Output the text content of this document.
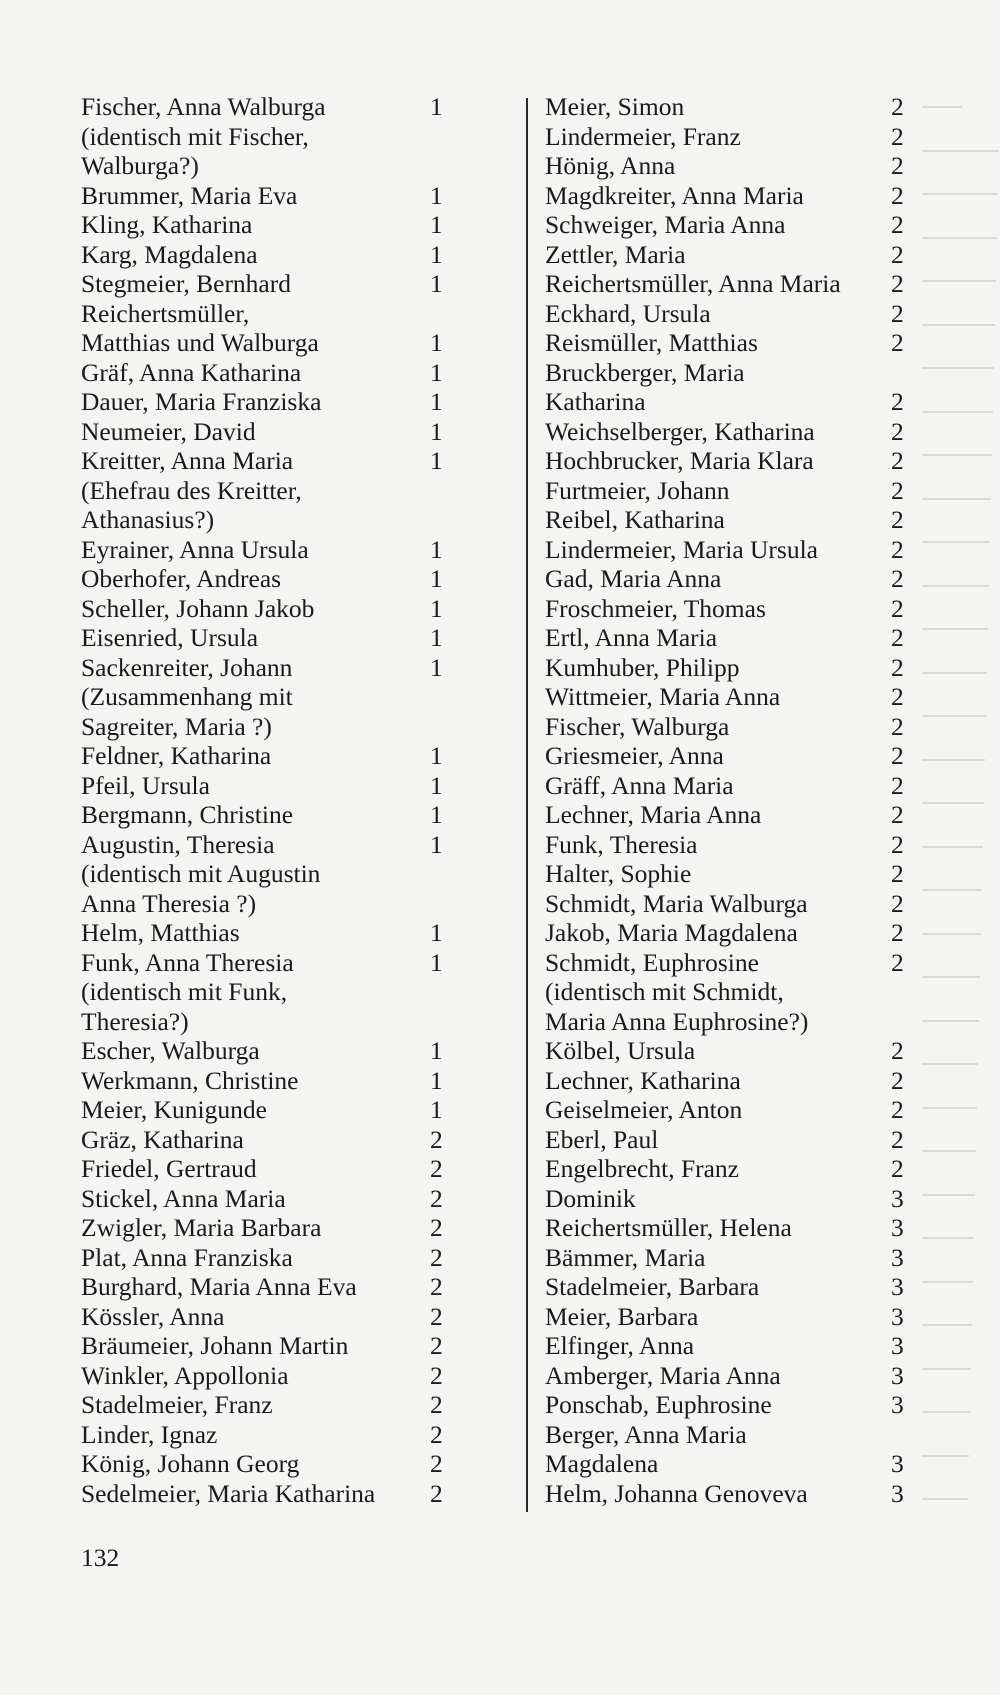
Fischer, Anna Walburga	1
(identisch mit Fischer,
Walburga?)
Brummer, Maria Eva	1
Kling, Katharina	1
Karg, Magdalena	1
Stegmeier, Bernhard	1
Reichertsmüller,
Matthias und Walburga	1
Gräf, Anna Katharina	1
Dauer, Maria Franziska	1
Neumeier, David	1
Kreitter, Anna Maria	1
(Ehefrau des Kreitter,
Athanasius?)
Eyrainer, Anna Ursula	1
Oberhofer, Andreas	1
Scheller, Johann Jakob	1
Eisenried, Ursula	1
Sackenreiter, Johann	1
(Zusammenhang mit
Sagreiter, Maria ?)
Feldner, Katharina	1
Pfeil, Ursula	1
Bergmann, Christine	1
Augustin, Theresia	1
(identisch mit Augustin
Anna Theresia ?)
Helm, Matthias	1
Funk, Anna Theresia	1
(identisch mit Funk,
Theresia?)
Escher, Walburga	1
Werkmann, Christine	1
Meier, Kunigunde	1
Gräz, Katharina	2
Friedel, Gertraud	2
Stickel, Anna Maria	2
Zwigler, Maria Barbara	2
Plat, Anna Franziska	2
Burghard, Maria Anna Eva	2
Kössler, Anna	2
Bräumeier, Johann Martin	2
Winkler, Appollonia	2
Stadelmeier, Franz	2
Linder, Ignaz	2
König, Johann Georg	2
Sedelmeier, Maria Katharina 2
Meier, Simon	2
Lindermeier, Franz	2
Hönig, Anna	2
Magdkreiter, Anna Maria	2
Schweiger, Maria Anna	2
Zettler, Maria	2
Reichertsmüller, Anna Maria 2
Eckhard, Ursula	2
Reismüller, Matthias	2
Bruckberger, Maria
Katharina	2
Weichselberger, Katharina	2
Hochbrucker, Maria Klara	2
Furtmeier, Johann	2
Reibel, Katharina	2
Lindermeier, Maria Ursula	2
Gad, Maria Anna	2
Froschmeier, Thomas	2
Ertl, Anna Maria	2
Kumhuber, Philipp	2
Wittmeier, Maria Anna	2
Fischer, Walburga	2
Griesmeier, Anna	2
Gräff, Anna Maria	2
Lechner, Maria Anna	2
Funk, Theresia	2
Halter, Sophie	2
Schmidt, Maria Walburga	2
Jakob, Maria Magdalena	2
Schmidt, Euphrosine	2
(identisch mit Schmidt,
Maria Anna Euphrosine?)
Kölbel, Ursula	2
Lechner, Katharina	2
Geiselmeier, Anton	2
Eberl, Paul	2
Engelbrecht, Franz	2
Dominik	3
Reichertsmüller, Helena	3
Bämmer, Maria	3
Stadelmeier, Barbara	3
Meier, Barbara	3
Elfinger, Anna	3
Amberger, Maria Anna	3
Ponschab, Euphrosine	3
Berger, Anna Maria
Magdalena	3
Helm, Johanna Genoveva	3
132
